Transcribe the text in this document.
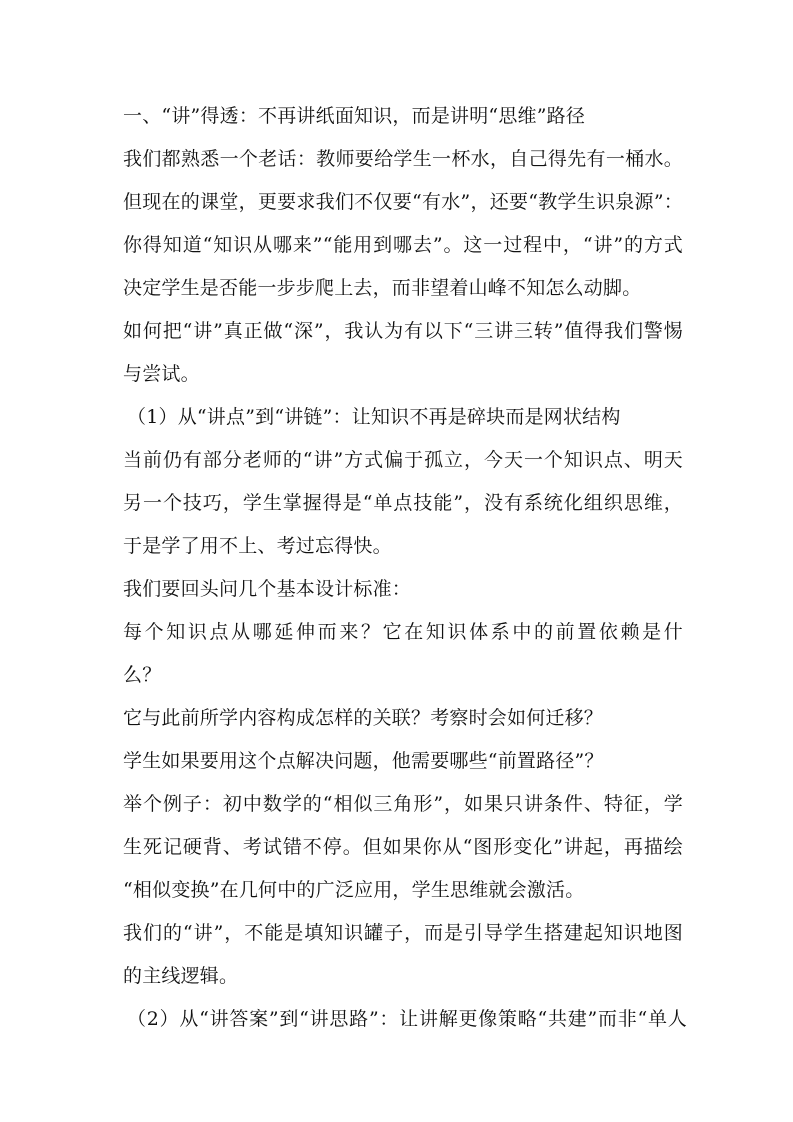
一、“讲”得透：不再讲纸面知识，而是讲明“思维”路径
我们都熟悉一个老话：教师要给学生一杯水，自己得先有一桶水。
但现在的课堂，更要求我们不仅要“有水”，还要“教学生识泉源”：
你得知道“知识从哪来”“能用到哪去”。这一过程中，“讲”的方式
决定学生是否能一步步爬上去，而非望着山峰不知怎么动脚。
如何把“讲”真正做“深”，我认为有以下“三讲三转”值得我们警惕
与尝试。
（1）从“讲点”到“讲链”：让知识不再是碎块而是网状结构
当前仍有部分老师的“讲”方式偏于孤立，今天一个知识点、明天
另一个技巧，学生掌握得是“单点技能”，没有系统化组织思维，
于是学了用不上、考过忘得快。
我们要回头问几个基本设计标准：
每个知识点从哪延伸而来？它在知识体系中的前置依赖是什
么？
它与此前所学内容构成怎样的关联？考察时会如何迁移？
学生如果要用这个点解决问题，他需要哪些“前置路径”？
举个例子：初中数学的“相似三角形”，如果只讲条件、特征，学
生死记硬背、考试错不停。但如果你从“图形变化”讲起，再描绘
“相似变换”在几何中的广泛应用，学生思维就会激活。
我们的“讲”，不能是填知识罐子，而是引导学生搭建起知识地图
的主线逻辑。
（2）从“讲答案”到“讲思路”：让讲解更像策略“共建”而非“单人
